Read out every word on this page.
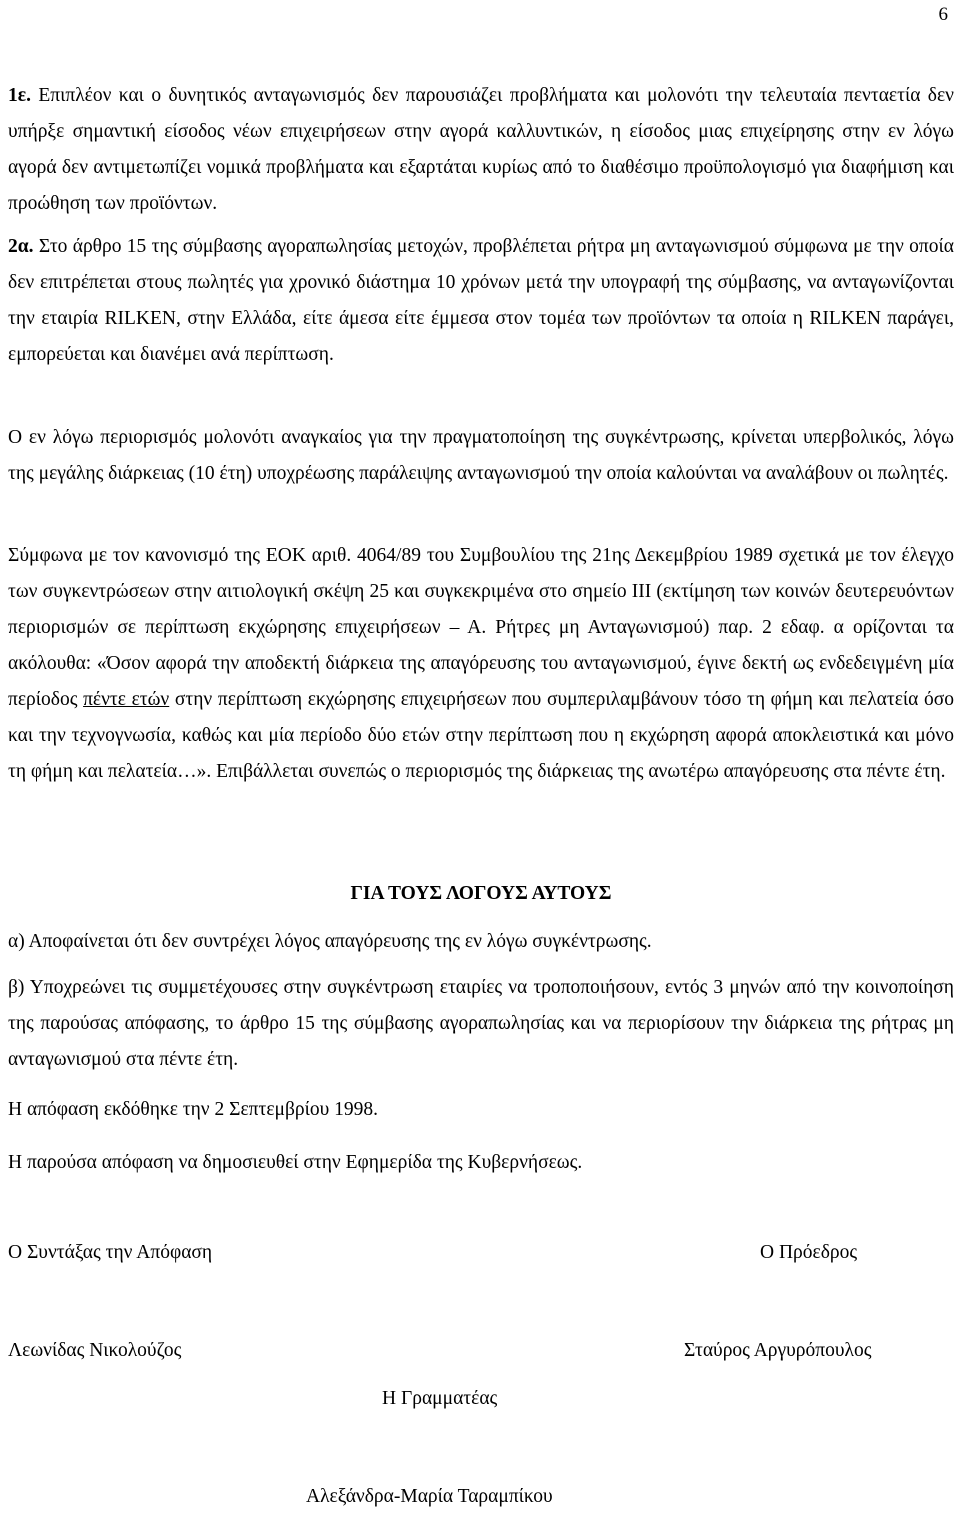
6

1ε. Επιπλέον και ο δυνητικός ανταγωνισμός δεν παρουσιάζει προβλήματα και μολονότι την τελευταία πενταετία δεν υπήρξε σημαντική είσοδος νέων επιχειρήσεων στην αγορά καλλυντικών, η είσοδος μιας επιχείρησης στην εν λόγω αγορά δεν αντιμετωπίζει νομικά προβλήματα και εξαρτάται κυρίως από το διαθέσιμο προϋπολογισμό για διαφήμιση και προώθηση των προϊόντων.

2α. Στο άρθρο 15 της σύμβασης αγοραπωλησίας μετοχών, προβλέπεται ρήτρα μη ανταγωνισμού σύμφωνα με την οποία δεν επιτρέπεται στους πωλητές για χρονικό διάστημα 10 χρόνων μετά την υπογραφή της σύμβασης, να ανταγωνίζονται την εταιρία RILKEN, στην Ελλάδα, είτε άμεσα είτε έμμεσα στον τομέα των προϊόντων τα οποία η RILKEN παράγει, εμπορεύεται και διανέμει ανά περίπτωση.

Ο εν λόγω περιορισμός μολονότι αναγκαίος για την πραγματοποίηση της συγκέντρωσης, κρίνεται υπερβολικός, λόγω της μεγάλης διάρκειας (10 έτη) υποχρέωσης παράλειψης ανταγωνισμού την οποία καλούνται να αναλάβουν οι πωλητές.

Σύμφωνα με τον κανονισμό της ΕΟΚ αριθ. 4064/89 του Συμβουλίου της 21ης Δεκεμβρίου 1989 σχετικά με τον έλεγχο των συγκεντρώσεων στην αιτιολογική σκέψη 25 και συγκεκριμένα στο σημείο ΙΙΙ (εκτίμηση των κοινών δευτερευόντων περιορισμών σε περίπτωση εκχώρησης επιχειρήσεων – Α. Ρήτρες μη Ανταγωνισμού) παρ. 2 εδαφ. α ορίζονται τα ακόλουθα: «Όσον αφορά την αποδεκτή διάρκεια της απαγόρευσης του ανταγωνισμού, έγινε δεκτή ως ενδεδειγμένη μία περίοδος πέντε ετών στην περίπτωση εκχώρησης επιχειρήσεων που συμπεριλαμβάνουν τόσο τη φήμη και πελατεία όσο και την τεχνογνωσία, καθώς και μία περίοδο δύο ετών στην περίπτωση που η εκχώρηση αφορά αποκλειστικά και μόνο τη φήμη και πελατεία…». Επιβάλλεται συνεπώς ο περιορισμός της διάρκειας της ανωτέρω απαγόρευσης στα πέντε έτη.

ΓΙΑ ΤΟΥΣ ΛΟΓΟΥΣ ΑΥΤΟΥΣ

α) Αποφαίνεται ότι δεν συντρέχει λόγος απαγόρευσης της εν λόγω συγκέντρωσης.

β) Υποχρεώνει τις συμμετέχουσες στην συγκέντρωση εταιρίες να τροποποιήσουν, εντός 3 μηνών από την κοινοποίηση της παρούσας απόφασης, το άρθρο 15 της σύμβασης αγοραπωλησίας και να περιορίσουν την διάρκεια της ρήτρας μη ανταγωνισμού στα πέντε έτη.

Η απόφαση εκδόθηκε την 2 Σεπτεμβρίου 1998.

Η παρούσα απόφαση να δημοσιευθεί στην Εφημερίδα της Κυβερνήσεως.

Ο Συντάξας την Απόφαση	Ο Πρόεδρος
Λεωνίδας Νικολούζος	Σταύρος Αργυρόπουλος
Η Γραμματέας
Αλεξάνδρα-Μαρία Ταραμπίκου
